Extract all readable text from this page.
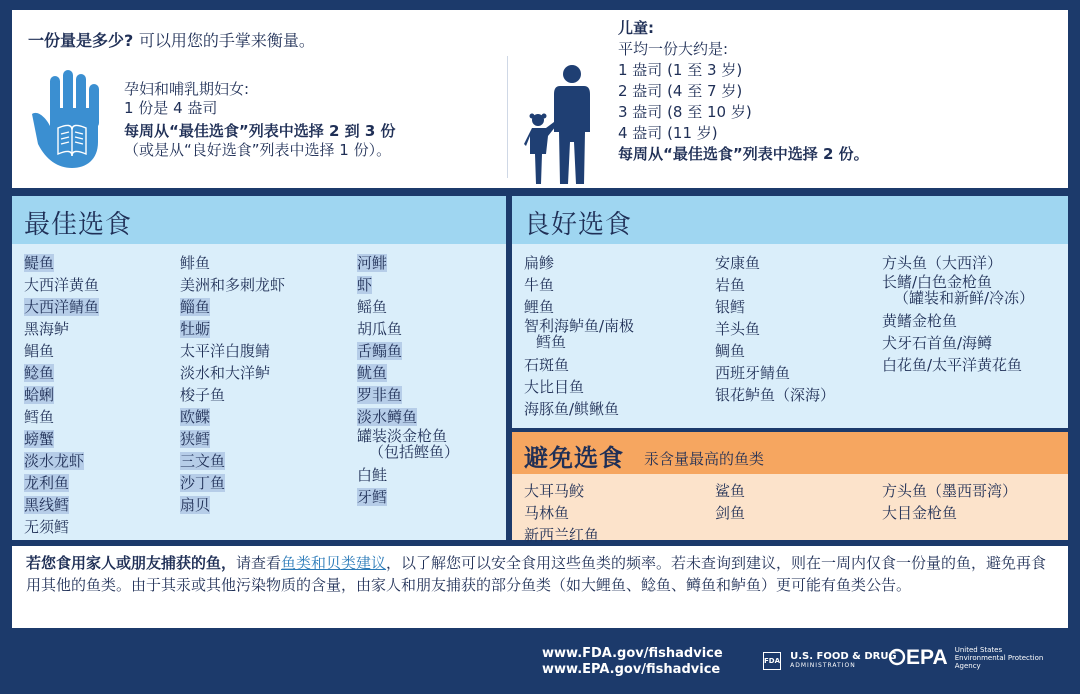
一份量是多少? 可以用您的手掌来衡量。
孕妇和哺乳期妇女:
1 份是 4 盎司
每周从“最佳选食”列表中选择 2 到 3 份
（或是从“良好选食”列表中选择 1 份）。
儿童:
平均一份大约是:
1 盎司 (1 至 3 岁)
2 盎司 (4 至 7 岁)
3 盎司 (8 至 10 岁)
4 盎司 (11 岁)
每周从“最佳选食”列表中选择 2 份。
最佳选食
鳀鱼
大西洋黄鱼
大西洋鲭鱼
黑海鲈
鲳鱼
鲶鱼
蛤蜊
鳕鱼
螃蟹
淡水龙虾
龙利鱼
黑线鳕
无须鳕
鲱鱼
美洲和多刺龙虾
鲻鱼
牡蛎
太平洋白腹鲭
淡水和大洋鲈
梭子鱼
欧鲽
狭鳕
三文鱼
沙丁鱼
扇贝
河鲱
虾
鳐鱼
胡瓜鱼
舌鳎鱼
鱿鱼
罗非鱼
淡水鳟鱼
罐装淡金枪鱼
（包括鲣鱼）
白鲑
牙鳕
良好选食
扁鲹
牛鱼
鲤鱼
智利海鲈鱼/南极
鳕鱼
石斑鱼
大比目鱼
海豚鱼/鲯鳅鱼
安康鱼
岩鱼
银鳕
羊头鱼
鲷鱼
西班牙鲭鱼
银花鲈鱼（深海）
方头鱼（大西洋）
长鳍/白色金枪鱼
（罐装和新鲜/冷冻）
黄鳍金枪鱼
犬牙石首鱼/海鳟
白花鱼/太平洋黄花鱼
避免选食 汞含量最高的鱼类
大耳马鲛
马林鱼
新西兰红鱼
鲨鱼
剑鱼
方头鱼（墨西哥湾）
大目金枪鱼
若您食用家人或朋友捕获的鱼，请查看鱼类和贝类建议，以了解您可以安全食用这些鱼类的频率。若未查询到建议，则在一周内仅食一份量的鱼，避免再食用其他的鱼类。由于其汞或其他污染物质的含量，由家人和朋友捕获的部分鱼类（如大鲤鱼、鲶鱼、鳟鱼和鲈鱼）更可能有鱼类公告。
www.FDA.gov/fishadvice
www.EPA.gov/fishadvice
FDA U.S. FOOD & DRUG
ADMINISTRATION	EPA United States
Environmental Protection
Agency
